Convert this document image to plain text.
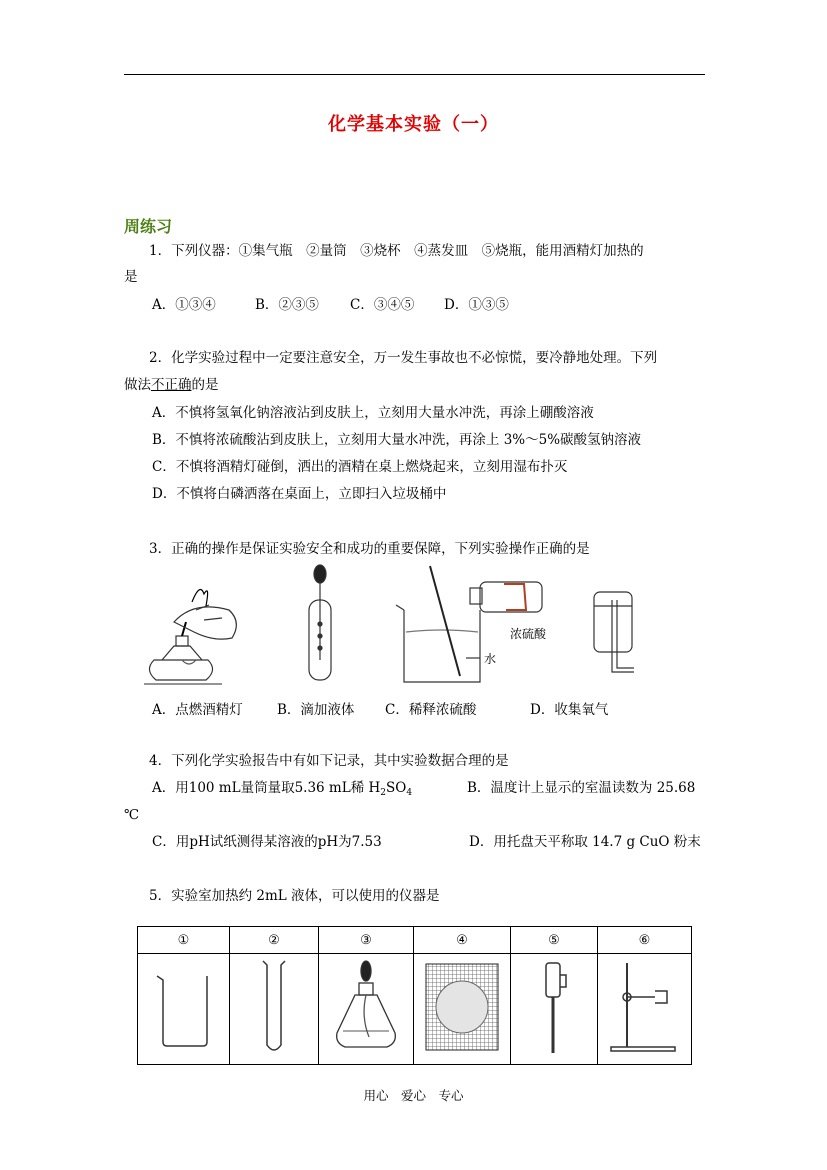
化学基本实验（一）
周练习
1．下列仪器：①集气瓶　②量筒　③烧杯　④蒸发皿　⑤烧瓶，能用酒精灯加热的
是
A．①③④	B．②③⑤ C．③④⑤ D．①③⑤
2．化学实验过程中一定要注意安全，万一发生事故也不必惊慌，要冷静地处理。下列
做法不正确的是
A．不慎将氢氧化钠溶液沾到皮肤上，立刻用大量水冲洗，再涂上硼酸溶液
B．不慎将浓硫酸沾到皮肤上，立刻用大量水冲洗，再涂上 3%～5%碳酸氢钠溶液
C．不慎将酒精灯碰倒，洒出的酒精在桌上燃烧起来，立刻用湿布扑灭
D．不慎将白磷洒落在桌面上，立即扫入垃圾桶中
3．正确的操作是保证实验安全和成功的重要保障，下列实验操作正确的是
浓硫酸
水
A．点燃酒精灯	B．滴加液体 C．稀释浓硫酸	D．收集氧气
4．下列化学实验报告中有如下记录，其中实验数据合理的是
A．用100 mL量筒量取5.36 mL稀 $H_2SO_4$	B．温度计上显示的室温读数为 25.68
℃
C．用pH试纸测得某溶液的pH为7.53	D．用托盘天平称取 14.7 g CuO 粉末
5．实验室加热约 2mL 液体，可以使用的仪器是
①	②	③	④	⑤	⑥

用心　爱心　专心
